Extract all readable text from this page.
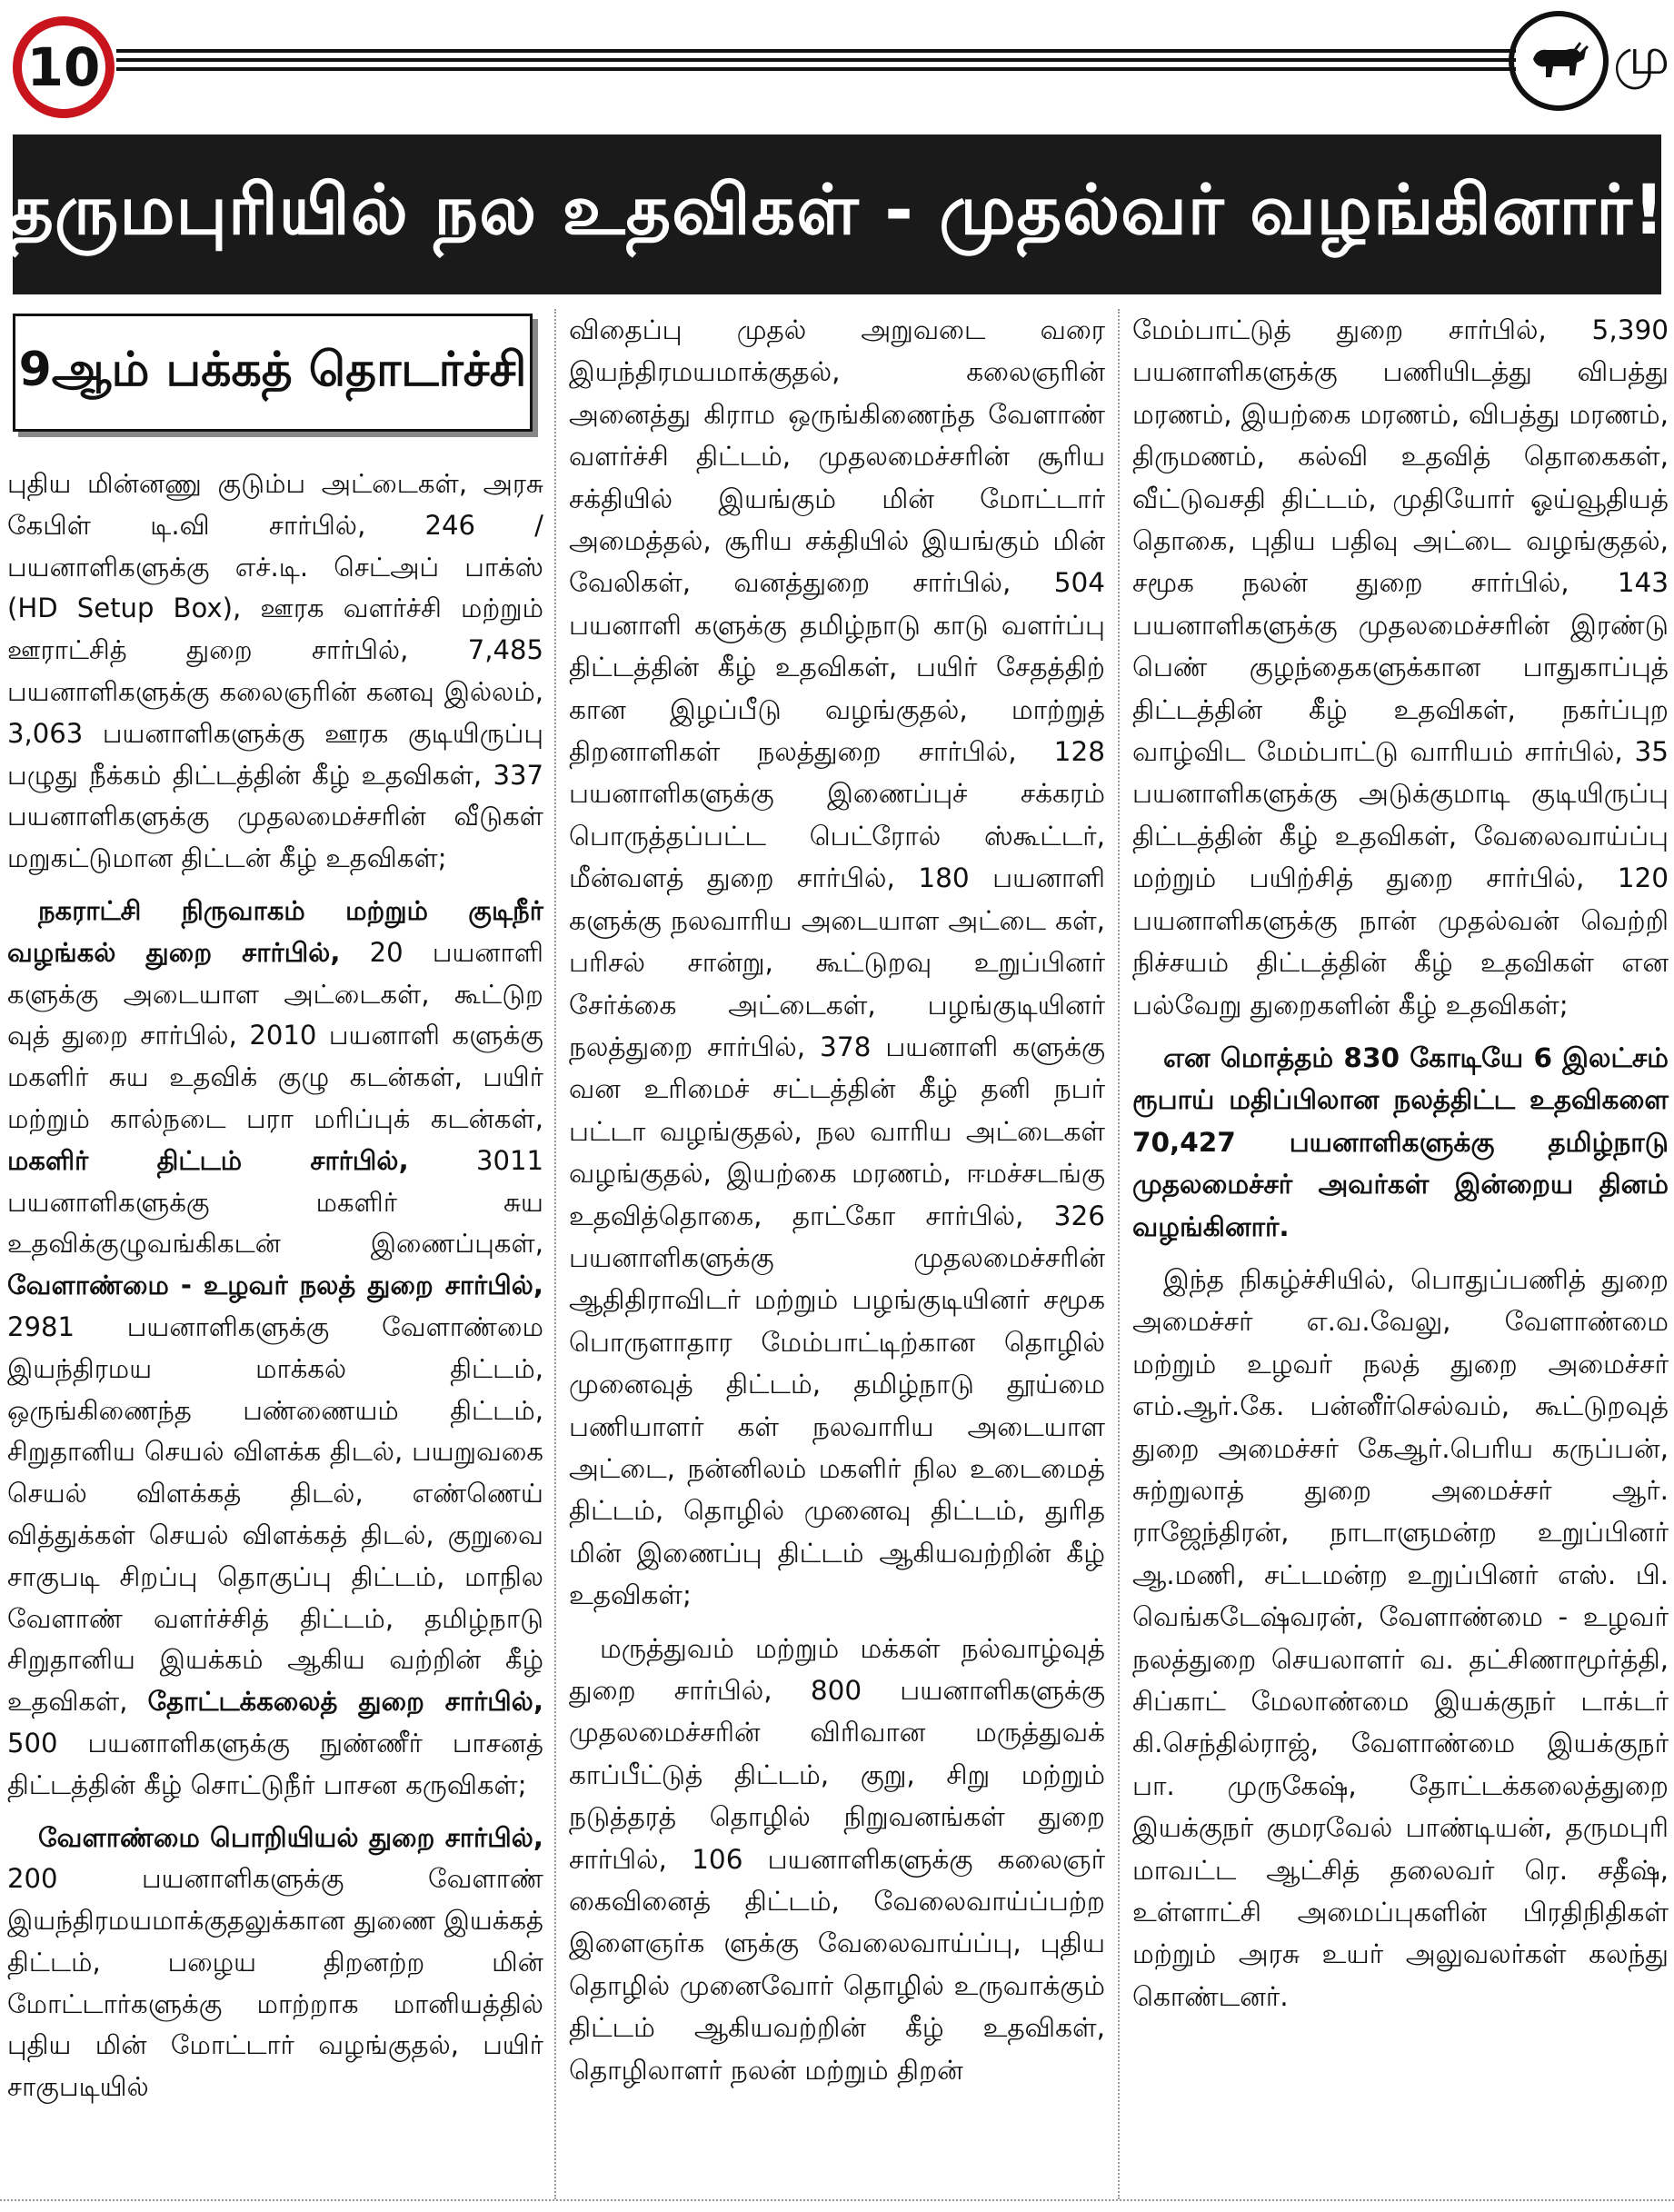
10	மு
தருமபுரியில் நல உதவிகள் - முதல்வர் வழங்கினார்!
9ஆம் பக்கத் தொடர்ச்சி

புதிய மின்னணு குடும்ப அட்டைகள், அரசு கேபிள் டி.வி சார்பில், 246 / பயனாளிகளுக்கு எச்.டி. செட்அப் பாக்ஸ் (HD Setup Box), ஊரக வளர்ச்சி மற்றும் ஊராட்சித் துறை சார்பில், 7,485 பயனாளிகளுக்கு கலைஞரின் கனவு இல்லம், 3,063 பயனாளிகளுக்கு ஊரக குடியிருப்பு பழுது நீக்கம் திட்டத்தின் கீழ் உதவிகள், 337 பயனாளிகளுக்கு முதலமைச்சரின் வீடுகள் மறுகட்டுமான திட்டன் கீழ் உதவிகள்;

நகராட்சி நிருவாகம் மற்றும் குடிநீர் வழங்கல் துறை சார்பில், 20 பயனாளி களுக்கு அடையாள அட்டைகள், கூட்டுற வுத் துறை சார்பில், 2010 பயனாளி களுக்கு மகளிர் சுய உதவிக் குழு கடன்கள், பயிர் மற்றும் கால்நடை பரா மரிப்புக் கடன்கள், மகளிர் திட்டம் சார்பில், 3011 பயனாளிகளுக்கு மகளிர் சுய உதவிக்குழுவங்கிகடன் இணைப்புகள், வேளாண்மை - உழவர் நலத் துறை சார்பில், 2981 பயனாளிகளுக்கு வேளாண்மை இயந்திரமய மாக்கல் திட்டம், ஒருங்கிணைந்த பண்ணையம் திட்டம், சிறுதானிய செயல் விளக்க திடல், பயறுவகை செயல் விளக்கத் திடல், எண்ணெய் வித்துக்கள் செயல் விளக்கத் திடல், குறுவை சாகுபடி சிறப்பு தொகுப்பு திட்டம், மாநில வேளாண் வளர்ச்சித் திட்டம், தமிழ்நாடு சிறுதானிய இயக்கம் ஆகிய வற்றின் கீழ் உதவிகள், தோட்டக்கலைத் துறை சார்பில், 500 பயனாளிகளுக்கு நுண்ணீர் பாசனத் திட்டத்தின் கீழ் சொட்டுநீர் பாசன கருவிகள்;

வேளாண்மை பொறியியல் துறை சார்பில், 200 பயனாளிகளுக்கு வேளாண் இயந்திரமயமாக்குதலுக்கான துணை இயக்கத் திட்டம், பழைய திறனற்ற மின் மோட்டார்களுக்கு மாற்றாக மானியத்தில் புதிய மின் மோட்டார் வழங்குதல், பயிர் சாகுபடியில்

விதைப்பு முதல் அறுவடை வரை இயந்திரமயமாக்குதல், கலைஞரின் அனைத்து கிராம ஒருங்கிணைந்த வேளாண் வளர்ச்சி திட்டம், முதலமைச்சரின் சூரிய சக்தியில் இயங்கும் மின் மோட்டார் அமைத்தல், சூரிய சக்தியில் இயங்கும் மின் வேலிகள், வனத்துறை சார்பில், 504 பயனாளி களுக்கு தமிழ்நாடு காடு வளர்ப்பு திட்டத்தின் கீழ் உதவிகள், பயிர் சேதத்திற் கான இழப்பீடு வழங்குதல், மாற்றுத் திறனாளிகள் நலத்துறை சார்பில், 128 பயனாளிகளுக்கு இணைப்புச் சக்கரம் பொருத்தப்பட்ட பெட்ரோல் ஸ்கூட்டர், மீன்வளத் துறை சார்பில், 180 பயனாளி களுக்கு நலவாரிய அடையாள அட்டை கள், பரிசல் சான்று, கூட்டுறவு உறுப்பினர் சேர்க்கை அட்டைகள், பழங்குடியினர் நலத்துறை சார்பில், 378 பயனாளி களுக்கு வன உரிமைச் சட்டத்தின் கீழ் தனி நபர் பட்டா வழங்குதல், நல வாரிய அட்டைகள் வழங்குதல், இயற்கை மரணம், ஈமச்சடங்கு உதவித்தொகை, தாட்கோ சார்பில், 326 பயனாளிகளுக்கு முதலமைச்சரின் ஆதிதிராவிடர் மற்றும் பழங்குடியினர் சமூக பொருளாதார மேம்பாட்டிற்கான தொழில் முனைவுத் திட்டம், தமிழ்நாடு தூய்மை பணியாளர் கள் நலவாரிய அடையாள அட்டை, நன்னிலம் மகளிர் நில உடைமைத் திட்டம், தொழில் முனைவு திட்டம், துரித மின் இணைப்பு திட்டம் ஆகியவற்றின் கீழ் உதவிகள்;

மருத்துவம் மற்றும் மக்கள் நல்வாழ்வுத் துறை சார்பில், 800 பயனாளிகளுக்கு முதலமைச்சரின் விரிவான மருத்துவக் காப்பீட்டுத் திட்டம், குறு, சிறு மற்றும் நடுத்தரத் தொழில் நிறுவனங்கள் துறை சார்பில், 106 பயனாளிகளுக்கு கலைஞர் கைவினைத் திட்டம், வேலைவாய்ப்பற்ற இளைஞர்க ளுக்கு வேலைவாய்ப்பு, புதிய தொழில் முனைவோர் தொழில் உருவாக்கும் திட்டம் ஆகியவற்றின் கீழ் உதவிகள், தொழிலாளர் நலன் மற்றும் திறன்

மேம்பாட்டுத் துறை சார்பில், 5,390 பயனாளிகளுக்கு பணியிடத்து விபத்து மரணம், இயற்கை மரணம், விபத்து மரணம், திருமணம், கல்வி உதவித் தொகைகள், வீட்டுவசதி திட்டம், முதியோர் ஓய்வூதியத் தொகை, புதிய பதிவு அட்டை வழங்குதல், சமூக நலன் துறை சார்பில், 143 பயனாளிகளுக்கு முதலமைச்சரின் இரண்டு பெண் குழந்தைகளுக்கான பாதுகாப்புத் திட்டத்தின் கீழ் உதவிகள், நகர்ப்புற வாழ்விட மேம்பாட்டு வாரியம் சார்பில், 35 பயனாளிகளுக்கு அடுக்குமாடி குடியிருப்பு திட்டத்தின் கீழ் உதவிகள், வேலைவாய்ப்பு மற்றும் பயிற்சித் துறை சார்பில், 120 பயனாளிகளுக்கு நான் முதல்வன் வெற்றி நிச்சயம் திட்டத்தின் கீழ் உதவிகள் என பல்வேறு துறைகளின் கீழ் உதவிகள்;

என மொத்தம் 830 கோடியே 6 இலட்சம் ரூபாய் மதிப்பிலான நலத்திட்ட உதவிகளை 70,427 பயனாளிகளுக்கு தமிழ்நாடு முதலமைச்சர் அவர்கள் இன்றைய தினம் வழங்கினார்.

இந்த நிகழ்ச்சியில், பொதுப்பணித் துறை அமைச்சர் எ.வ.வேலு, வேளாண்மை மற்றும் உழவர் நலத் துறை அமைச்சர் எம்.ஆர்.கே. பன்னீர்செல்வம், கூட்டுறவுத் துறை அமைச்சர் கேஆர்.பெரிய கருப்பன், சுற்றுலாத் துறை அமைச்சர் ஆர். ராஜேந்திரன், நாடாளுமன்ற உறுப்பினர் ஆ.மணி, சட்டமன்ற உறுப்பினர் எஸ். பி. வெங்கடேஷ்வரன், வேளாண்மை - உழவர் நலத்துறை செயலாளர் வ. தட்சிணாமூர்த்தி, சிப்காட் மேலாண்மை இயக்குநர் டாக்டர் கி.செந்தில்ராஜ், வேளாண்மை இயக்குநர் பா. முருகேஷ், தோட்டக்கலைத்துறை இயக்குநர் குமரவேல் பாண்டியன், தருமபுரி மாவட்ட ஆட்சித் தலைவர் ரெ. சதீஷ், உள்ளாட்சி அமைப்புகளின் பிரதிநிதிகள் மற்றும் அரசு உயர் அலுவலர்கள் கலந்து கொண்டனர்.
